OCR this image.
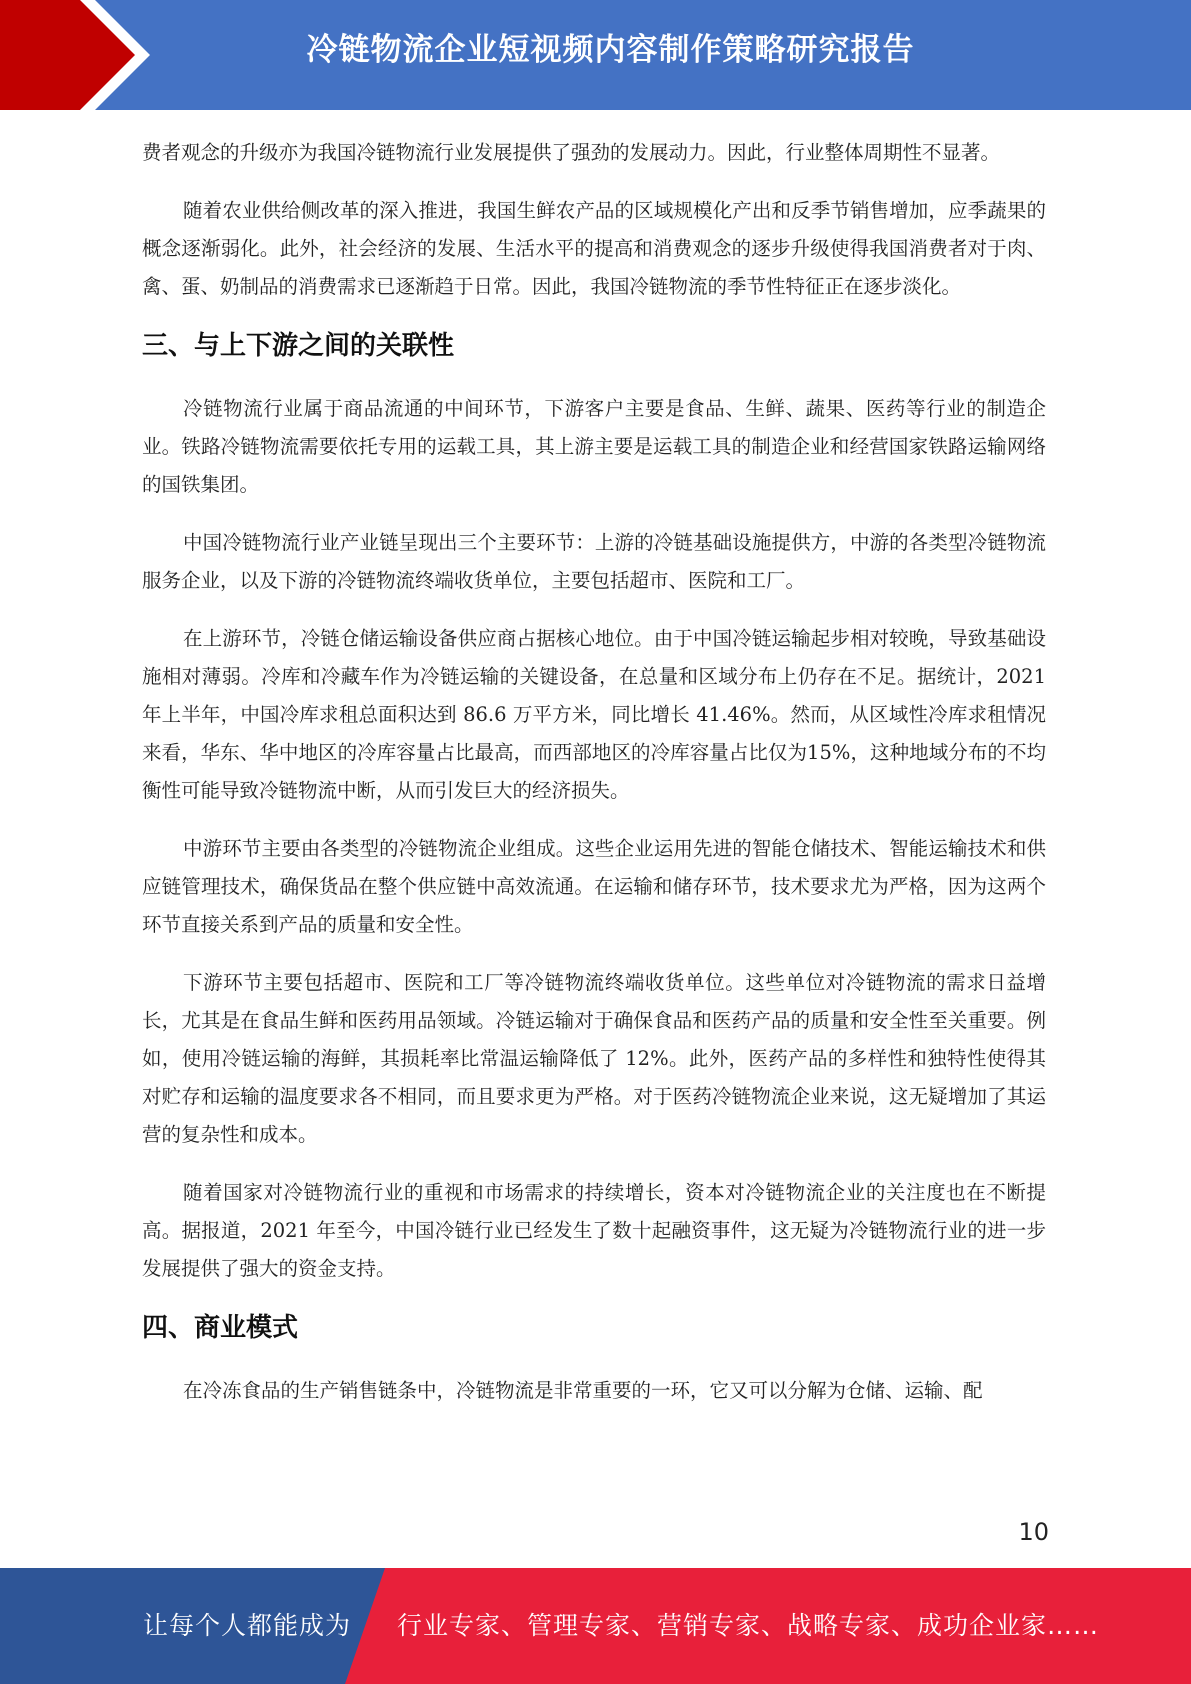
冷链物流企业短视频内容制作策略研究报告

费者观念的升级亦为我国冷链物流行业发展提供了强劲的发展动力。因此，行业整体周期性不显著。

随着农业供给侧改革的深入推进，我国生鲜农产品的区域规模化产出和反季节销售增加，应季蔬果的概念逐渐弱化。此外，社会经济的发展、生活水平的提高和消费观念的逐步升级使得我国消费者对于肉、禽、蛋、奶制品的消费需求已逐渐趋于日常。因此，我国冷链物流的季节性特征正在逐步淡化。

三、与上下游之间的关联性

冷链物流行业属于商品流通的中间环节，下游客户主要是食品、生鲜、蔬果、医药等行业的制造企业。铁路冷链物流需要依托专用的运载工具，其上游主要是运载工具的制造企业和经营国家铁路运输网络的国铁集团。

中国冷链物流行业产业链呈现出三个主要环节：上游的冷链基础设施提供方，中游的各类型冷链物流服务企业，以及下游的冷链物流终端收货单位，主要包括超市、医院和工厂。

在上游环节，冷链仓储运输设备供应商占据核心地位。由于中国冷链运输起步相对较晚，导致基础设施相对薄弱。冷库和冷藏车作为冷链运输的关键设备，在总量和区域分布上仍存在不足。据统计，2021 年上半年，中国冷库求租总面积达到 86.6 万平方米，同比增长 41.46%。然而，从区域性冷库求租情况来看，华东、华中地区的冷库容量占比最高，而西部地区的冷库容量占比仅为15%，这种地域分布的不均衡性可能导致冷链物流中断，从而引发巨大的经济损失。

中游环节主要由各类型的冷链物流企业组成。这些企业运用先进的智能仓储技术、智能运输技术和供应链管理技术，确保货品在整个供应链中高效流通。在运输和储存环节，技术要求尤为严格，因为这两个环节直接关系到产品的质量和安全性。

下游环节主要包括超市、医院和工厂等冷链物流终端收货单位。这些单位对冷链物流的需求日益增长，尤其是在食品生鲜和医药用品领域。冷链运输对于确保食品和医药产品的质量和安全性至关重要。例如，使用冷链运输的海鲜，其损耗率比常温运输降低了 12%。此外，医药产品的多样性和独特性使得其对贮存和运输的温度要求各不相同，而且要求更为严格。对于医药冷链物流企业来说，这无疑增加了其运营的复杂性和成本。

随着国家对冷链物流行业的重视和市场需求的持续增长，资本对冷链物流企业的关注度也在不断提高。据报道，2021 年至今，中国冷链行业已经发生了数十起融资事件，这无疑为冷链物流行业的进一步发展提供了强大的资金支持。

四、商业模式

在冷冻食品的生产销售链条中，冷链物流是非常重要的一环，它又可以分解为仓储、运输、配

10
让每个人都能成为 行业专家、管理专家、营销专家、战略专家、成功企业家……
